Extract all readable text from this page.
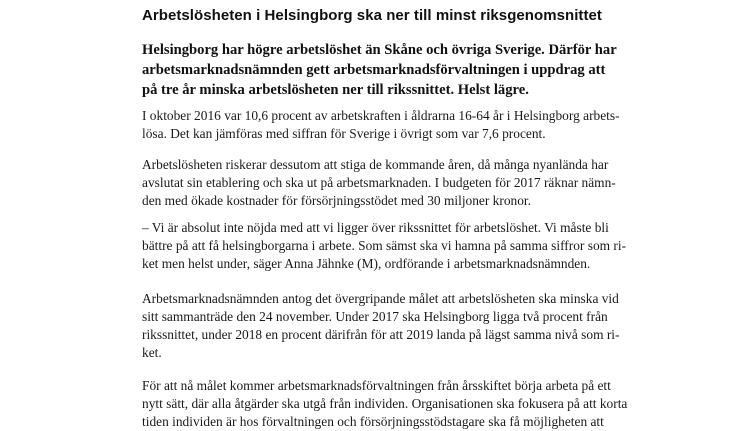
Arbetslösheten i Helsingborg ska ner till minst riksgenomsnittet

Helsingborg har högre arbetslöshet än Skåne och övriga Sverige. Därför har
arbetsmarknadsnämnden gett arbetsmarknadsförvaltningen i uppdrag att
på tre år minska arbetslösheten ner till rikssnittet. Helst lägre.

I oktober 2016 var 10,6 procent av arbetskraften i åldrarna 16-64 år i Helsingborg arbets-
lösa. Det kan jämföras med siffran för Sverige i övrigt som var 7,6 procent.

Arbetslösheten riskerar dessutom att stiga de kommande åren, då många nyanlända har
avslutat sin etablering och ska ut på arbetsmarknaden. I budgeten för 2017 räknar nämn-
den med ökade kostnader för försörjningsstödet med 30 miljoner kronor.

– Vi är absolut inte nöjda med att vi ligger över rikssnittet för arbetslöshet. Vi måste bli
bättre på att få helsingborgarna i arbete. Som sämst ska vi hamna på samma siffror som ri-
ket men helst under, säger Anna Jähnke (M), ordförande i arbetsmarknadsnämnden.

Arbetsmarknadsnämnden antog det övergripande målet att arbetslösheten ska minska vid
sitt sammanträde den 24 november. Under 2017 ska Helsingborg ligga två procent från
rikssnittet, under 2018 en procent därifrån för att 2019 landa på lägst samma nivå som ri-
ket.

För att nå målet kommer arbetsmarknadsförvaltningen från årsskiftet börja arbeta på ett
nytt sätt, där alla åtgärder ska utgå från individen. Organisationen ska fokusera på att korta
tiden individen är hos förvaltningen och försörjningsstödstagare ska få möjligheten att
